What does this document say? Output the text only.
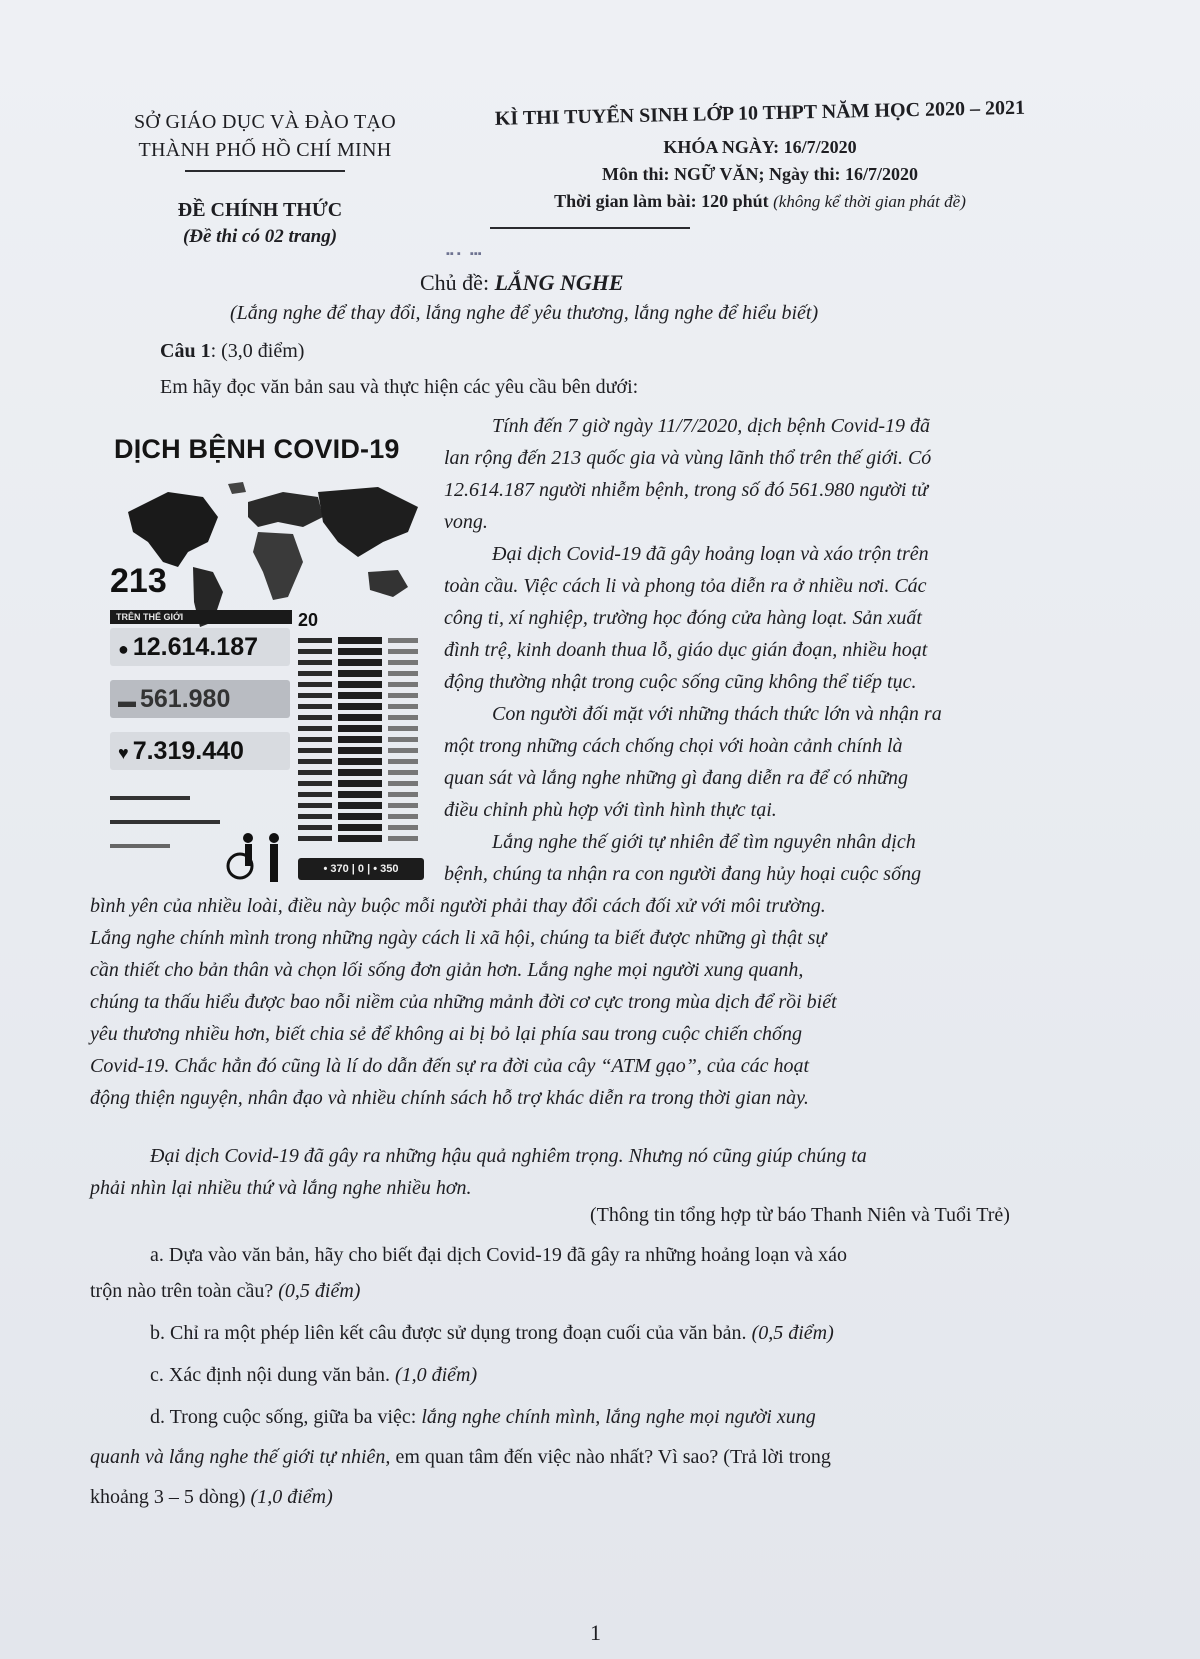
SỞ GIÁO DỤC VÀ ĐÀO TẠO
THÀNH PHỐ HỒ CHÍ MINH
ĐỀ CHÍNH THỨC
(Đề thi có 02 trang)
KÌ THI TUYỂN SINH LỚP 10 THPT NĂM HỌC 2020 – 2021
KHÓA NGÀY: 16/7/2020
Môn thi: NGỮ VĂN; Ngày thi: 16/7/2020
Thời gian làm bài: 120 phút (không kể thời gian phát đề)
▪▪ ▪   ▪▪▪
Chủ đề: LẮNG NGHE
(Lắng nghe để thay đổi, lắng nghe để yêu thương, lắng nghe để hiểu biết)
Câu 1: (3,0 điểm)
Em hãy đọc văn bản sau và thực hiện các yêu cầu bên dưới:
DỊCH BỆNH COVID-19
213
TRÊN THẾ GIỚI
● 12.614.187
▬ 561.980
♥ 7.319.440
20
• 370 | 0 | • 350
Tính đến 7 giờ ngày 11/7/2020, dịch bệnh Covid-19 đã
lan rộng đến 213 quốc gia và vùng lãnh thổ trên thế giới. Có
12.614.187 người nhiễm bệnh, trong số đó 561.980 người tử
vong.
Đại dịch Covid-19 đã gây hoảng loạn và xáo trộn trên
toàn cầu. Việc cách li và phong tỏa diễn ra ở nhiều nơi. Các
công ti, xí nghiệp, trường học đóng cửa hàng loạt. Sản xuất
đình trệ, kinh doanh thua lỗ, giáo dục gián đoạn, nhiều hoạt
động thường nhật trong cuộc sống cũng không thể tiếp tục.
Con người đối mặt với những thách thức lớn và nhận ra
một trong những cách chống chọi với hoàn cảnh chính là
quan sát và lắng nghe những gì đang diễn ra để có những
điều chỉnh phù hợp với tình hình thực tại.
Lắng nghe thế giới tự nhiên để tìm nguyên nhân dịch
bệnh, chúng ta nhận ra con người đang hủy hoại cuộc sống
bình yên của nhiều loài, điều này buộc mỗi người phải thay đổi cách đối xử với môi trường.
Lắng nghe chính mình trong những ngày cách li xã hội, chúng ta biết được những gì thật sự
cần thiết cho bản thân và chọn lối sống đơn giản hơn. Lắng nghe mọi người xung quanh,
chúng ta thấu hiểu được bao nỗi niềm của những mảnh đời cơ cực trong mùa dịch để rồi biết
yêu thương nhiều hơn, biết chia sẻ để không ai bị bỏ lại phía sau trong cuộc chiến chống
Covid-19. Chắc hẳn đó cũng là lí do dẫn đến sự ra đời của cây “ATM gạo”, của các hoạt
động thiện nguyện, nhân đạo và nhiều chính sách hỗ trợ khác diễn ra trong thời gian này.
Đại dịch Covid-19 đã gây ra những hậu quả nghiêm trọng. Nhưng nó cũng giúp chúng ta
phải nhìn lại nhiều thứ và lắng nghe nhiều hơn.
(Thông tin tổng hợp từ báo Thanh Niên và Tuổi Trẻ)
a. Dựa vào văn bản, hãy cho biết đại dịch Covid-19 đã gây ra những hoảng loạn và xáo
trộn nào trên toàn cầu? (0,5 điểm)
b. Chỉ ra một phép liên kết câu được sử dụng trong đoạn cuối của văn bản. (0,5 điểm)
c. Xác định nội dung văn bản. (1,0 điểm)
d. Trong cuộc sống, giữa ba việc: lắng nghe chính mình, lắng nghe mọi người xung
quanh và lắng nghe thế giới tự nhiên, em quan tâm đến việc nào nhất? Vì sao? (Trả lời trong
khoảng 3 – 5 dòng) (1,0 điểm)
1
